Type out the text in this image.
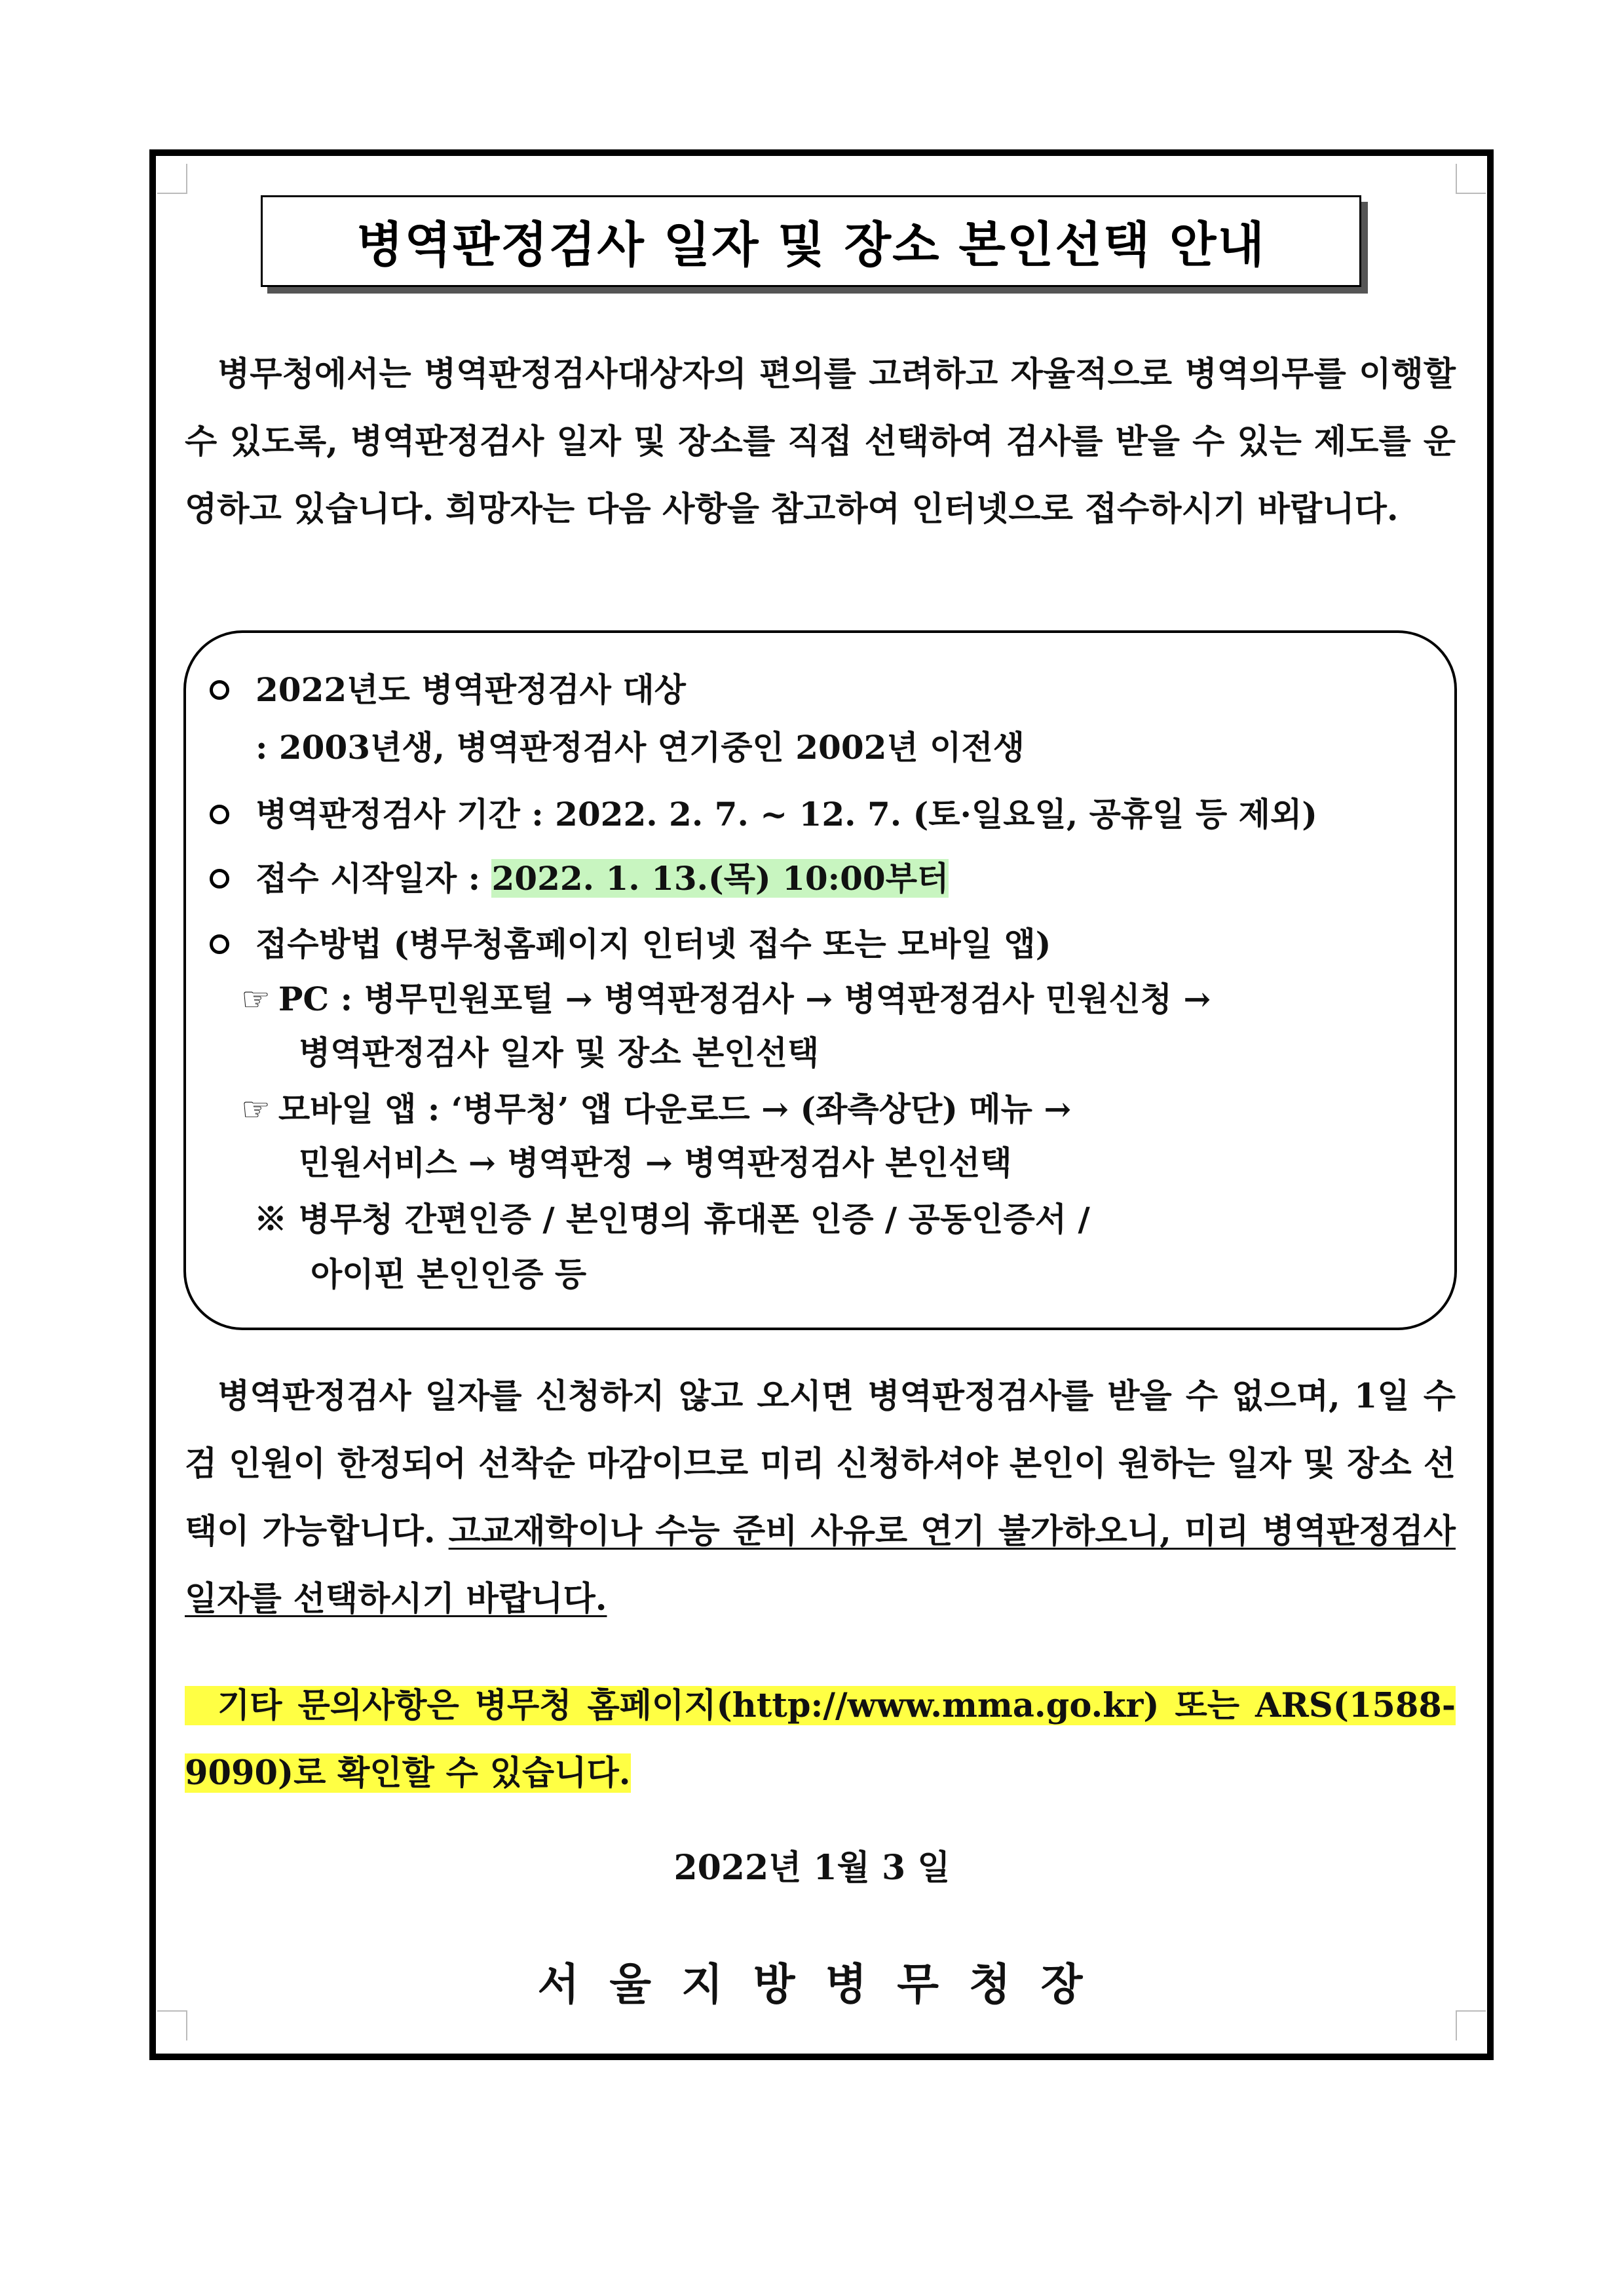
병역판정검사 일자 및 장소 본인선택 안내

병무청에서는 병역판정검사대상자의 편의를 고려하고 자율적으로 병역의무를 이행할 수 있도록, 병역판정검사 일자 및 장소를 직접 선택하여 검사를 받을 수 있는 제도를 운영하고 있습니다. 희망자는 다음 사항을 참고하여 인터넷으로 접수하시기 바랍니다.

2022년도 병역판정검사 대상
: 2003년생, 병역판정검사 연기중인 2002년 이전생
병역판정검사 기간 : 2022. 2. 7. ~ 12. 7. (토·일요일, 공휴일 등 제외)
접수 시작일자 : 2022. 1. 13.(목) 10:00부터
접수방법 (병무청홈페이지 인터넷 접수 또는 모바일 앱)
☞ PC : 병무민원포털 → 병역판정검사 → 병역판정검사 민원신청 →
병역판정검사 일자 및 장소 본인선택
☞ 모바일 앱 : ‘병무청’ 앱 다운로드 → (좌측상단) 메뉴 →
민원서비스 → 병역판정 → 병역판정검사 본인선택
※ 병무청 간편인증 / 본인명의 휴대폰 인증 / 공동인증서 /
아이핀 본인인증 등

병역판정검사 일자를 신청하지 않고 오시면 병역판정검사를 받을 수 없으며, 1일 수검 인원이 한정되어 선착순 마감이므로 미리 신청하셔야 본인이 원하는 일자 및 장소 선택이 가능합니다. 고교재학이나 수능 준비 사유로 연기 불가하오니, 미리 병역판정검사일자를 선택하시기 바랍니다.

기타 문의사항은 병무청 홈페이지(http://www.mma.go.kr) 또는 ARS(1588-9090)로 확인할 수 있습니다.

2022년 1월 3 일
서울지방병무청장
